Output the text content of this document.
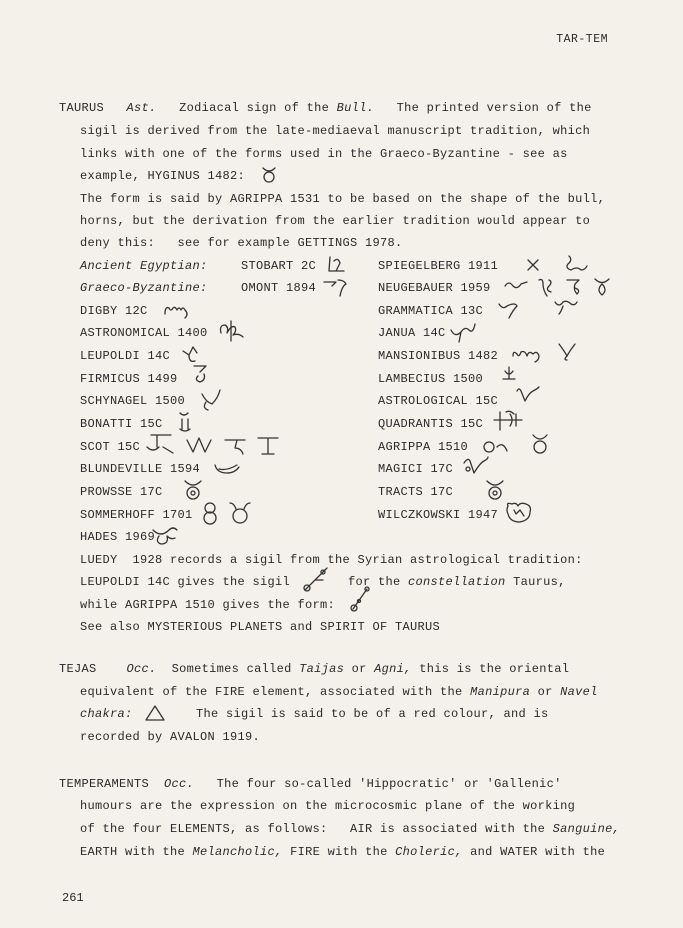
TAR-TEM
TAURUS Ast. Zodiacal sign of the Bull. The printed version of the
sigil is derived from the late-mediaeval manuscript tradition, which
links with one of the forms used in the Graeco-Byzantine - see as
example, HYGINUS 1482:
The form is said by AGRIPPA 1531 to be based on the shape of the bull,
horns, but the derivation from the earlier tradition would appear to
deny this:   see for example GETTINGS 1978.
Ancient Egyptian:	STOBART 2C	SPIEGELBERG 1911
Graeco-Byzantine:	OMONT 1894	NEUGEBAUER 1959
DIGBY 12C	GRAMMATICA 13C
ASTRONOMICAL 1400	JANUA 14C
LEUPOLDI 14C	MANSIONIBUS 1482
FIRMICUS 1499	LAMBECIUS 1500
SCHYNAGEL 1500	ASTROLOGICAL 15C
BONATTI 15C	QUADRANTIS 15C
SCOT 15C	AGRIPPA 1510
BLUNDEVILLE 1594	MAGICI 17C
PROWSSE 17C	TRACTS 17C
SOMMERHOFF 1701	WILCZKOWSKI 1947
HADES 1969
LUEDY  1928 records a sigil from the Syrian astrological tradition:
LEUPOLDI 14C gives the sigil	for the constellation Taurus,
while AGRIPPA 1510 gives the form:
See also MYSTERIOUS PLANETS and SPIRIT OF TAURUS
TEJAS	Occ. Sometimes called Taijas or Agni, this is the oriental
equivalent of the FIRE element, associated with the Manipura or Navel
chakra:	The sigil is said to be of a red colour, and is
recorded by AVALON 1919.
TEMPERAMENTS Occ. The four so-called 'Hippocratic' or 'Gallenic'
humours are the expression on the microcosmic plane of the working
of the four ELEMENTS, as follows:   AIR is associated with the Sanguine,
EARTH with the Melancholic, FIRE with the Choleric, and WATER with the
261
